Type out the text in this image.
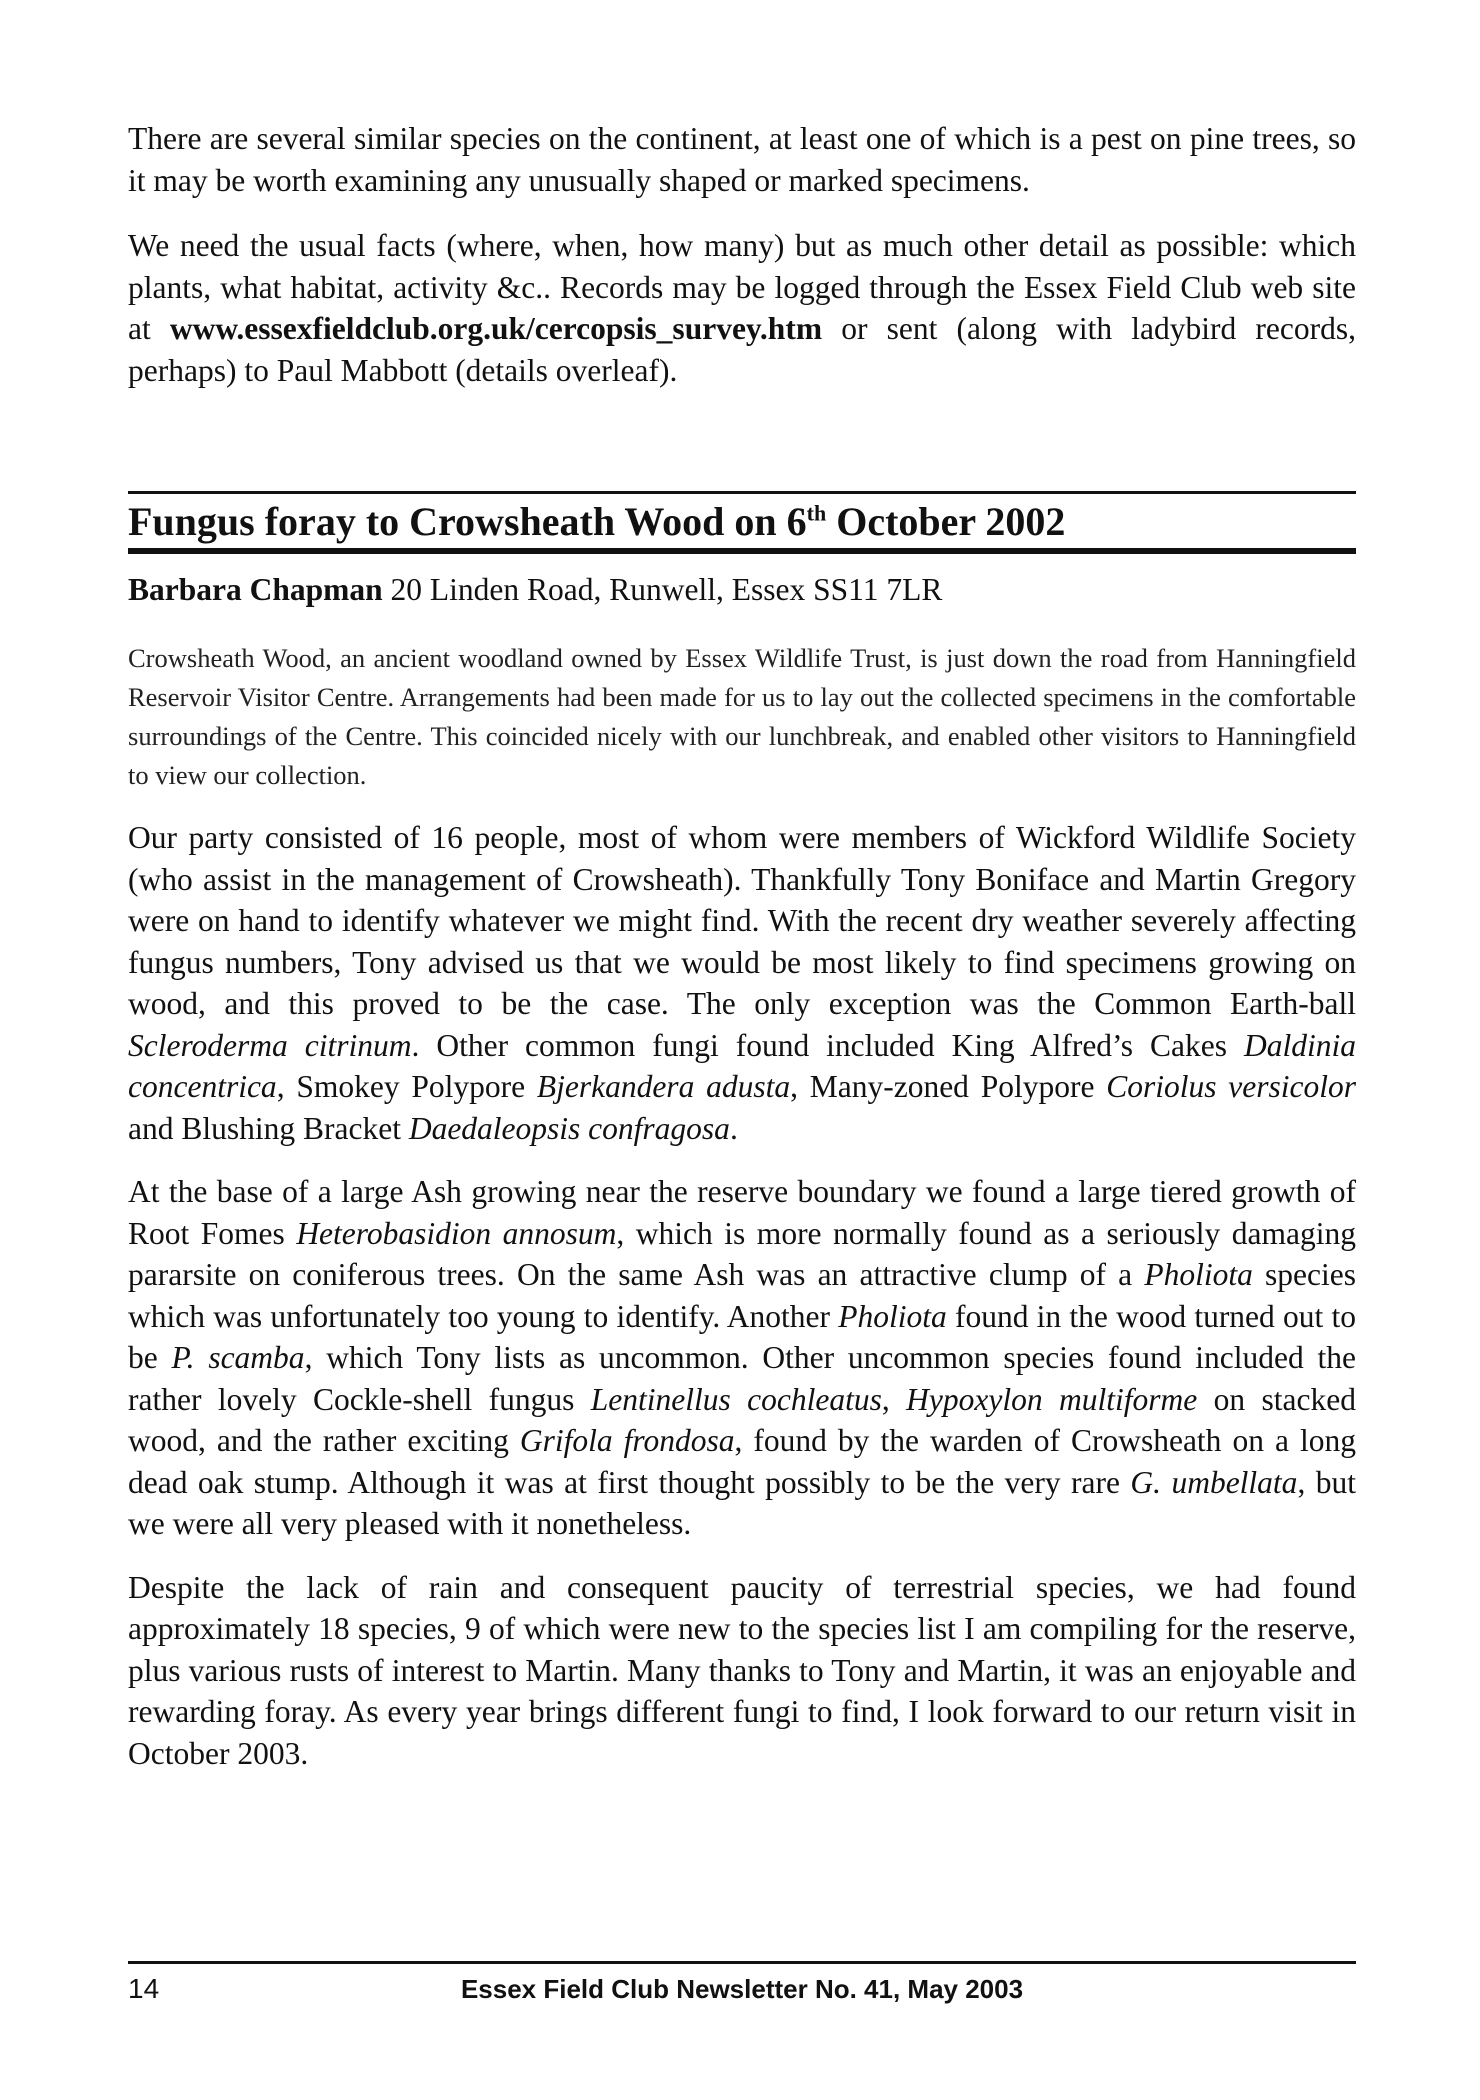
There are several similar species on the continent, at least one of which is a pest on pine trees, so it may be worth examining any unusually shaped or marked specimens.

We need the usual facts (where, when, how many) but as much other detail as possible: which plants, what habitat, activity &c.. Records may be logged through the Essex Field Club web site at www.essexfieldclub.org.uk/cercopsis_survey.htm or sent (along with ladybird records, perhaps) to Paul Mabbott (details overleaf).

Fungus foray to Crowsheath Wood on 6th October 2002
Barbara Chapman 20 Linden Road, Runwell, Essex SS11 7LR

Crowsheath Wood, an ancient woodland owned by Essex Wildlife Trust, is just down the road from Hanningfield Reservoir Visitor Centre. Arrangements had been made for us to lay out the collected specimens in the comfortable surroundings of the Centre. This coincided nicely with our lunchbreak, and enabled other visitors to Hanningfield to view our collection.

Our party consisted of 16 people, most of whom were members of Wickford Wildlife Society (who assist in the management of Crowsheath). Thankfully Tony Boniface and Martin Gregory were on hand to identify whatever we might find. With the recent dry weather severely affecting fungus numbers, Tony advised us that we would be most likely to find specimens growing on wood, and this proved to be the case. The only exception was the Common Earth-ball Scleroderma citrinum. Other common fungi found included King Alfred’s Cakes Daldinia concentrica, Smokey Polypore Bjerkandera adusta, Many-zoned Polypore Coriolus versicolor and Blushing Bracket Daedaleopsis confragosa.

At the base of a large Ash growing near the reserve boundary we found a large tiered growth of Root Fomes Heterobasidion annosum, which is more normally found as a seriously damaging pararsite on coniferous trees. On the same Ash was an attractive clump of a Pholiota species which was unfortunately too young to identify. Another Pholiota found in the wood turned out to be P. scamba, which Tony lists as uncommon. Other uncommon species found included the rather lovely Cockle-shell fungus Lentinellus cochleatus, Hypoxylon multiforme on stacked wood, and the rather exciting Grifola frondosa, found by the warden of Crowsheath on a long dead oak stump. Although it was at first thought possibly to be the very rare G. umbellata, but we were all very pleased with it nonetheless.

Despite the lack of rain and consequent paucity of terrestrial species, we had found approximately 18 species, 9 of which were new to the species list I am compiling for the reserve, plus various rusts of interest to Martin. Many thanks to Tony and Martin, it was an enjoyable and rewarding foray. As every year brings different fungi to find, I look forward to our return visit in October 2003.

14	Essex Field Club Newsletter No. 41, May 2003
